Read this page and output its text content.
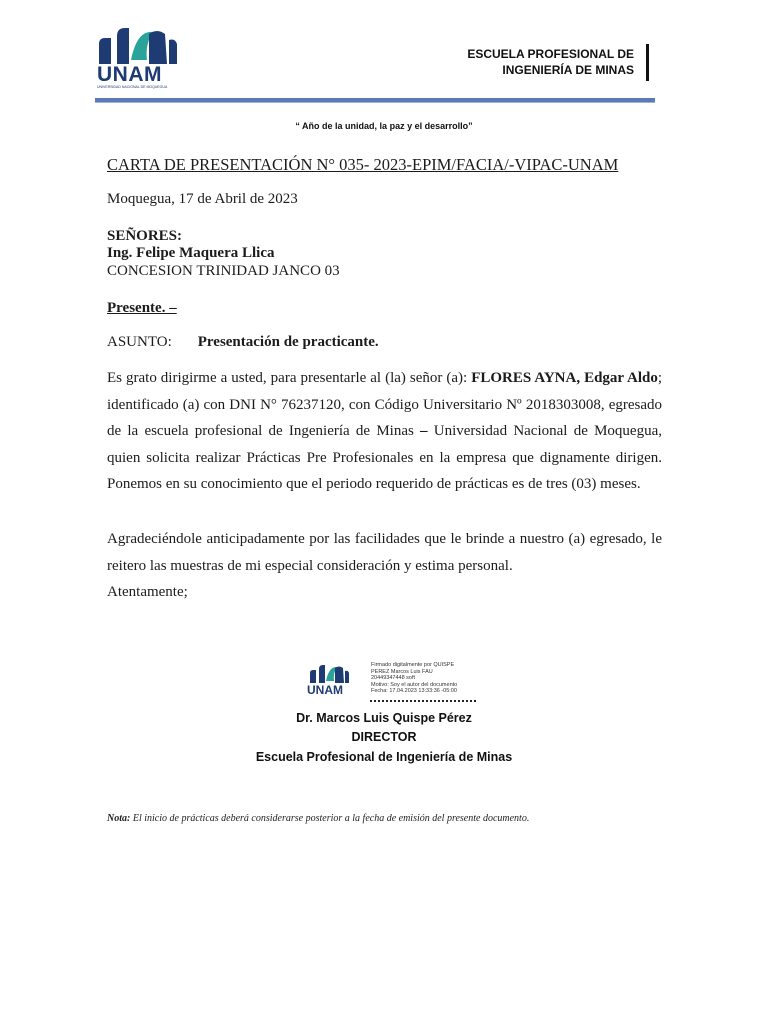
UNAM
UNIVERSIDAD NACIONAL DE MOQUEGUA
ESCUELA PROFESIONAL DE
INGENIERÍA DE MINAS
“ Año de la unidad, la paz y el desarrollo”
CARTA DE PRESENTACIÓN N° 035- 2023-EPIM/FACIA/-VIPAC-UNAM
Moquegua, 17 de Abril de 2023
SEÑORES:
Ing. Felipe Maquera Llica
CONCESION TRINIDAD JANCO 03
Presente. –
ASUNTO: Presentación de practicante.
Es grato dirigirme a usted, para presentarle al (la) señor (a): FLORES AYNA, Edgar Aldo; identificado (a) con DNI N° 76237120, con Código Universitario Nº 2018303008, egresado de la escuela profesional de Ingeniería de Minas – Universidad Nacional de Moquegua, quien solicita realizar Prácticas Pre Profesionales en la empresa que dignamente dirigen. Ponemos en su conocimiento que el periodo requerido de prácticas es de tres (03) meses.
Agradeciéndole anticipadamente por las facilidades que le brinde a nuestro (a) egresado, le reitero las muestras de mi especial consideración y estima personal.
Atentamente;
UNAM
Firmado digitalmente por QUISPE
PEREZ Marcos Luis FAU
20449347448 soft
Motivo: Soy el autor del documento
Fecha: 17.04.2023 13:33:36 -05:00
Dr. Marcos Luis Quispe Pérez
DIRECTOR
Escuela Profesional de Ingeniería de Minas
Nota: El inicio de prácticas deberá considerarse posterior a la fecha de emisión del presente documento.
